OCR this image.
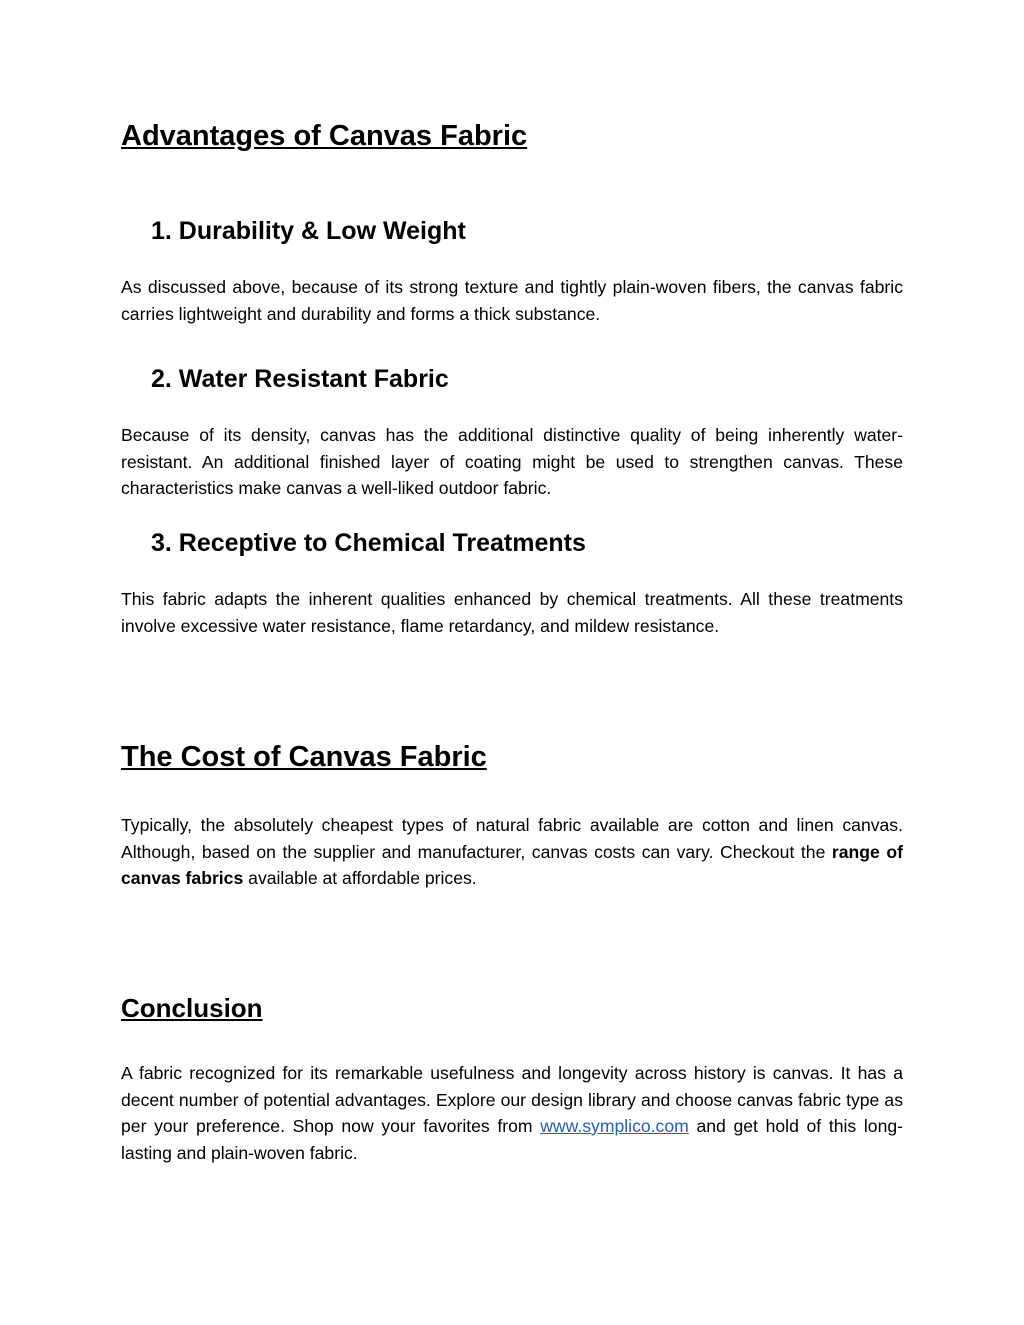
Advantages of Canvas Fabric
1. Durability & Low Weight

As discussed above, because of its strong texture and tightly plain-woven fibers, the canvas fabric carries lightweight and durability and forms a thick substance.

2. Water Resistant Fabric

Because of its density, canvas has the additional distinctive quality of being inherently water-resistant. An additional finished layer of coating might be used to strengthen canvas. These characteristics make canvas a well-liked outdoor fabric.

3. Receptive to Chemical Treatments

This fabric adapts the inherent qualities enhanced by chemical treatments. All these treatments involve excessive water resistance, flame retardancy, and mildew resistance.

The Cost of Canvas Fabric

Typically, the absolutely cheapest types of natural fabric available are cotton and linen canvas. Although, based on the supplier and manufacturer, canvas costs can vary. Checkout the range of canvas fabrics available at affordable prices.

Conclusion

A fabric recognized for its remarkable usefulness and longevity across history is canvas. It has a decent number of potential advantages. Explore our design library and choose canvas fabric type as per your preference. Shop now your favorites from www.symplico.com and get hold of this long-lasting and plain-woven fabric.
